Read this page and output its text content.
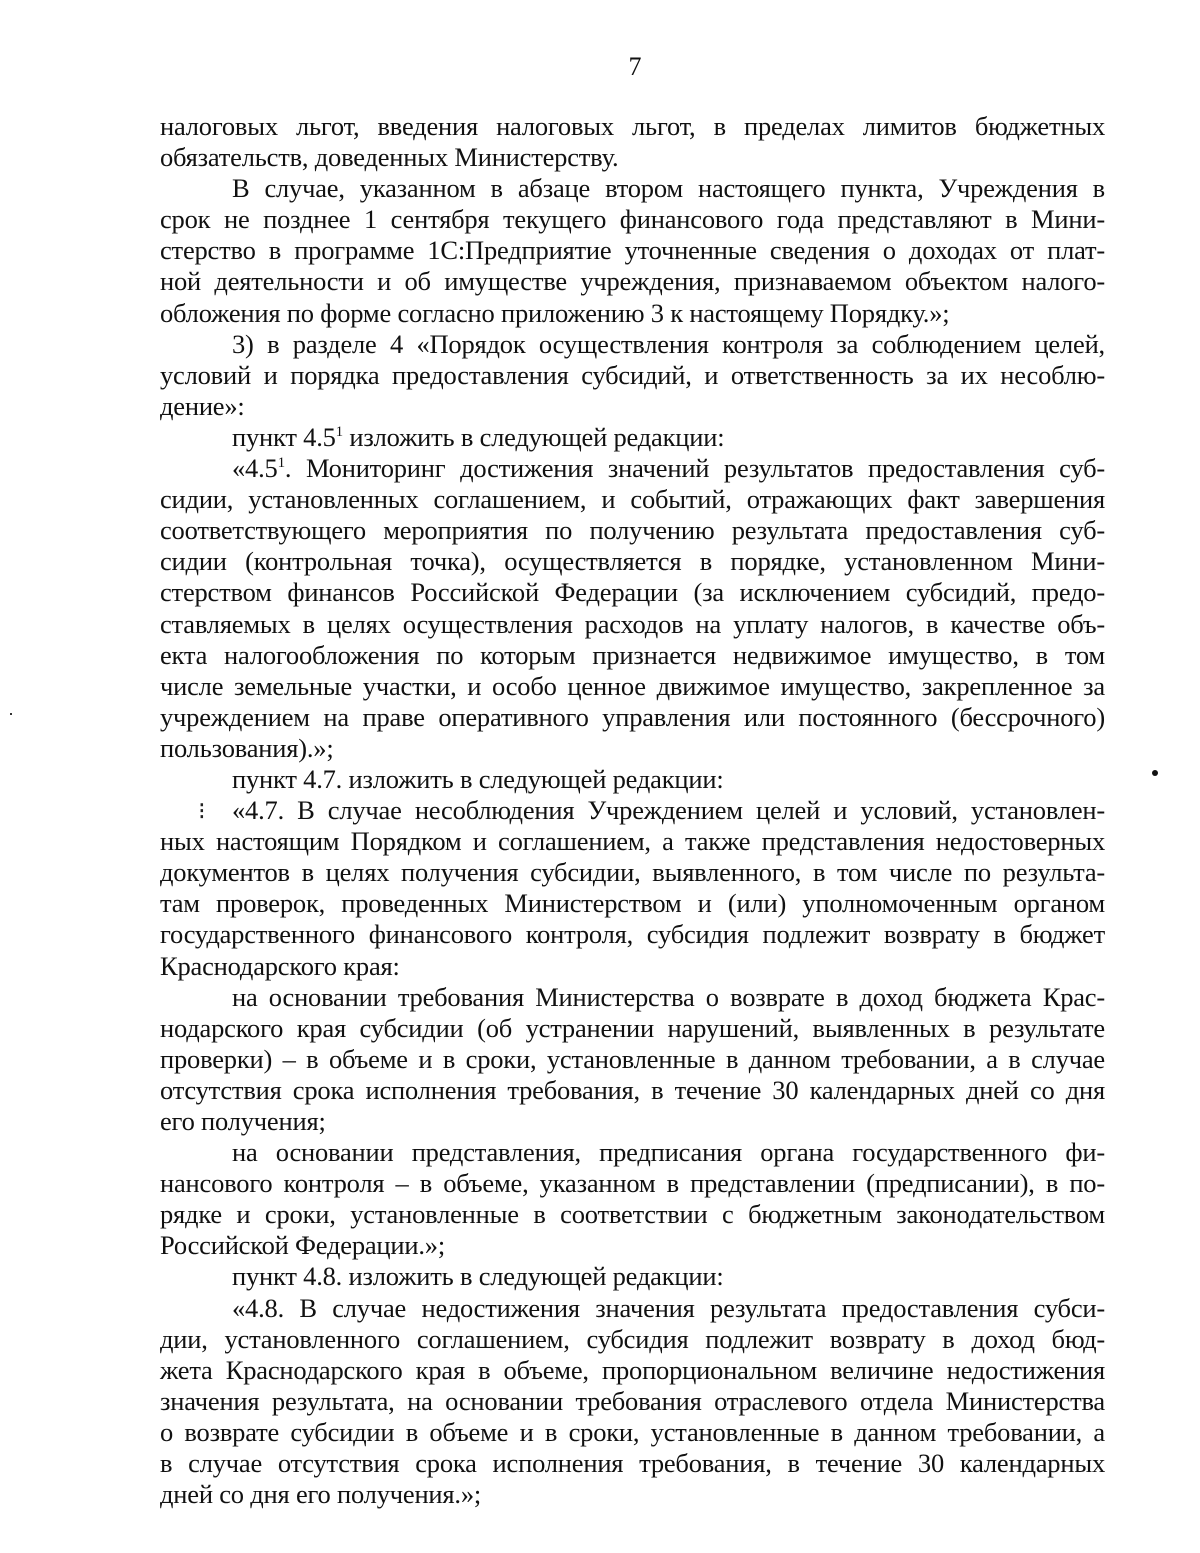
7
налоговых льгот, введения налоговых льгот, в пределах лимитов бюджетных
обязательств, доведенных Министерству.
В случае, указанном в абзаце втором настоящего пункта, Учреждения в
срок не позднее 1 сентября текущего финансового года представляют в Мини-
стерство в программе 1С:Предприятие уточненные сведения о доходах от плат-
ной деятельности и об имуществе учреждения, признаваемом объектом налого-
обложения по форме согласно приложению 3 к настоящему Порядку.»;
3) в разделе 4 «Порядок осуществления контроля за соблюдением целей,
условий и порядка предоставления субсидий, и ответственность за их несоблю-
дение»:
пункт $4.5^1$ изложить в следующей редакции:
«$4.5^1$. Мониторинг достижения значений результатов предоставления суб-
сидии, установленных соглашением, и событий, отражающих факт завершения
соответствующего мероприятия по получению результата предоставления суб-
сидии (контрольная точка), осуществляется в порядке, установленном Мини-
стерством финансов Российской Федерации (за исключением субсидий, предо-
ставляемых в целях осуществления расходов на уплату налогов, в качестве объ-
екта налогообложения по которым признается недвижимое имущество, в том
числе земельные участки, и особо ценное движимое имущество, закрепленное за
учреждением на праве оперативного управления или постоянного (бессрочного)
пользования).»;
пункт 4.7. изложить в следующей редакции:
«4.7. В случае несоблюдения Учреждением целей и условий, установлен-
ных настоящим Порядком и соглашением, а также представления недостоверных
документов в целях получения субсидии, выявленного, в том числе по результа-
там проверок, проведенных Министерством и (или) уполномоченным органом
государственного финансового контроля, субсидия подлежит возврату в бюджет
Краснодарского края:
на основании требования Министерства о возврате в доход бюджета Крас-
нодарского края субсидии (об устранении нарушений, выявленных в результате
проверки) – в объеме и в сроки, установленные в данном требовании, а в случае
отсутствия срока исполнения требования, в течение 30 календарных дней со дня
его получения;
на основании представления, предписания органа государственного фи-
нансового контроля – в объеме, указанном в представлении (предписании), в по-
рядке и сроки, установленные в соответствии с бюджетным законодательством
Российской Федерации.»;
пункт 4.8. изложить в следующей редакции:
«4.8. В случае недостижения значения результата предоставления субси-
дии, установленного соглашением, субсидия подлежит возврату в доход бюд-
жета Краснодарского края в объеме, пропорциональном величине недостижения
значения результата, на основании требования отраслевого отдела Министерства
о возврате субсидии в объеме и в сроки, установленные в данном требовании, а
в случае отсутствия срока исполнения требования, в течение 30 календарных
дней со дня его получения.»;
⁝
